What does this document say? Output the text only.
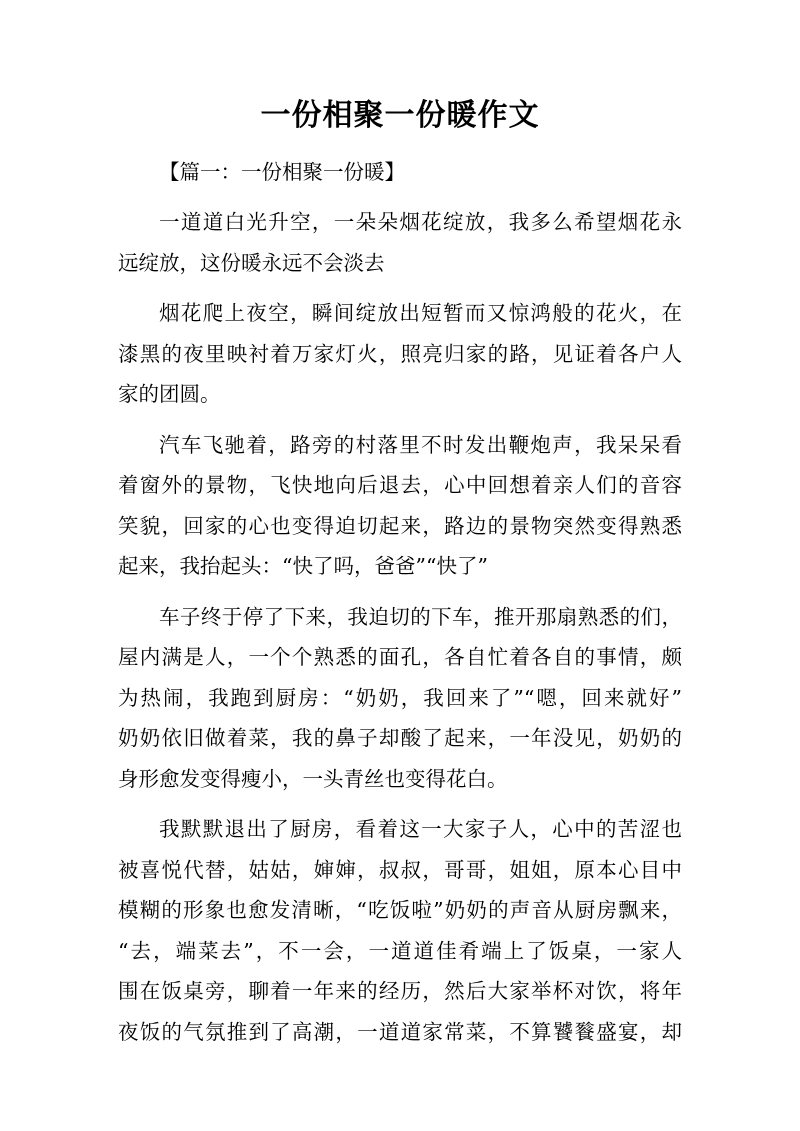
一份相聚一份暖作文
【篇一：一份相聚一份暖】
一道道白光升空，一朵朵烟花绽放，我多么希望烟花永
远绽放，这份暖永远不会淡去
烟花爬上夜空，瞬间绽放出短暂而又惊鸿般的花火，在
漆黑的夜里映衬着万家灯火，照亮归家的路，见证着各户人
家的团圆。
汽车飞驰着，路旁的村落里不时发出鞭炮声，我呆呆看
着窗外的景物，飞快地向后退去，心中回想着亲人们的音容
笑貌，回家的心也变得迫切起来，路边的景物突然变得熟悉
起来，我抬起头：“快了吗，爸爸”“快了”
车子终于停了下来，我迫切的下车，推开那扇熟悉的们，
屋内满是人，一个个熟悉的面孔，各自忙着各自的事情，颇
为热闹，我跑到厨房：“奶奶，我回来了”“嗯，回来就好”
奶奶依旧做着菜，我的鼻子却酸了起来，一年没见，奶奶的
身形愈发变得瘦小，一头青丝也变得花白。
我默默退出了厨房，看着这一大家子人，心中的苦涩也
被喜悦代替，姑姑，婶婶，叔叔，哥哥，姐姐，原本心目中
模糊的形象也愈发清晰，“吃饭啦”奶奶的声音从厨房飘来，
“去，端菜去”，不一会，一道道佳肴端上了饭桌，一家人
围在饭桌旁，聊着一年来的经历，然后大家举杯对饮，将年
夜饭的气氛推到了高潮，一道道家常菜，不算饕餮盛宴，却
